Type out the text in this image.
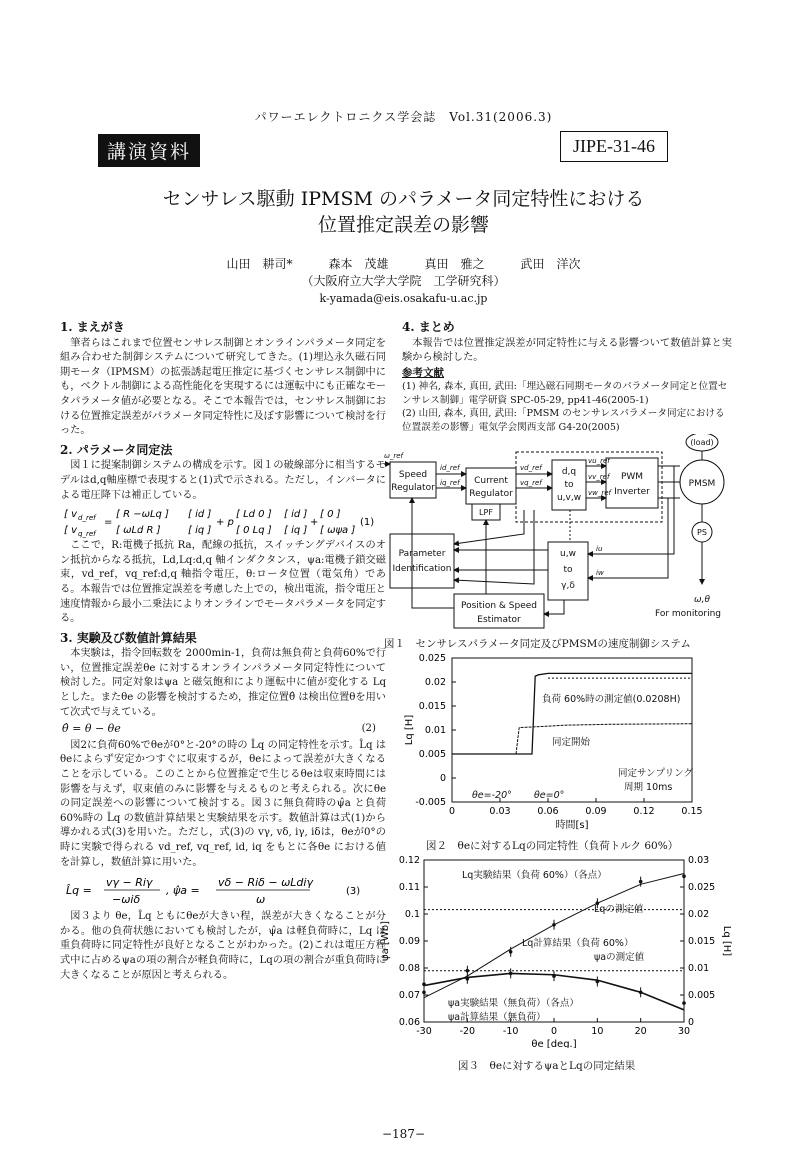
パワーエレクトロニクス学会誌　Vol.31(2006.3)
講演資料	JIPE-31-46
センサレス駆動 IPMSM のパラメータ同定特性における
位置推定誤差の影響
山田　耕司*　　　森本　茂雄　　　真田　雅之　　　武田　洋次
（大阪府立大学大学院　工学研究科）
k-yamada@eis.osakafu-u.ac.jp
1. まえがき

筆者らはこれまで位置センサレス制御とオンラインパラメータ同定を組み合わせた制御システムについて研究してきた。(1)埋込永久磁石同期モータ（IPMSM）の拡張誘起電圧推定に基づくセンサレス制御中にも，ベクトル制御による高性能化を実現するには運転中にも正確なモータパラメータ値が必要となる。そこで本報告では，センサレス制御における位置推定誤差がパラメータ同定特性に及ぼす影響について検討を行った。

2. パラメータ同定法

図１に提案制御システムの構成を示す。図１の破線部分に相当するモデルはd,q軸座標で表現すると(1)式で示される。ただし，インバータによる電圧降下は補正している。

[ v d_ref
[ v q_ref
=
[ R −ωLq ]
[ ωLd R ]
[ id ]
[ iq ]
+ p
[ Ld 0 ]
[ 0 Lq ]
[ id ]
[ iq ]
+
[ 0 ]
[ ωψa ]
(1)

ここで，R:電機子抵抗 Ra，配線の抵抗，スイッチングデバイスのオン抵抗からなる抵抗，Ld,Lq:d,q 軸インダクタンス，ψa:電機子鎖交磁束，vd_ref，vq_ref:d,q 軸指令電圧，θ:ロータ位置（電気角）である。本報告では位置推定誤差を考慮した上での，検出電流，指令電圧と速度情報から最小二乗法によりオンラインでモータパラメータを同定する。

3. 実験及び数値計算結果

本実験は，指令回転数を 2000min-1，負荷は無負荷と負荷60%で行い，位置推定誤差θe に対するオンラインパラメータ同定特性について検討した。同定対象はψa と磁気飽和により運転中に値が変化する Lq とした。またθe の影響を検討するため，推定位置θ̂ は検出位置θを用いて次式で与えている。

θ̂ = θ − θe	(2)

図2に負荷60%でθeが0°と-20°の時の L̂q の同定特性を示す。L̂q はθeによらず安定かつすぐに収束するが，θeによって誤差が大きくなることを示している。このことから位置推定で生じるθeは収束時間には影響を与えず，収束値のみに影響を与えるものと考えられる。次にθeの同定誤差への影響について検討する。図３に無負荷時のψ̂a と負荷60%時の L̂q の数値計算結果と実験結果を示す。数値計算は式(1)から導かれる式(3)を用いた。ただし，式(3)の vγ, vδ, iγ, iδは，θeが0°の時に実験で得られる vd_ref, vq_ref, id, iq をもとに各θe における値を計算し，数値計算に用いた。

L̂q =
vγ − Riγ
−ωiδ
, ψ̂a =
vδ − Riδ − ωLdiγ
ω
(3)

図３より θe，L̂q ともにθeが大きい程，誤差が大きくなることが分かる。他の負荷状態においても検討したが，ψ̂a は軽負荷時に，Lq は重負荷時に同定特性が良好となることがわかった。(2)これは電圧方程式中に占めるψaの項の割合が軽負荷時に，Lqの項の割合が重負荷時に大きくなることが原因と考えられる。

4. まとめ

本報告では位置推定誤差が同定特性に与える影響ついて数値計算と実験から検討した。

参考文献
(1) 神名, 森本, 真田, 武田:「埋込磁石同期モータのパラメータ同定と位置センサレス制御」電学研資 SPC-05-29, pp41-46(2005-1)
(2) 山田, 森本, 真田, 武田:「PMSM のセンサレスパラメータ同定における位置誤差の影響」電気学会関西支部 G4-20(2005)
Speed
Regulator
Current
Regulator
d,q
to
u,v,w
PWM
Inverter
PMSM
(load)
PS
LPF
Parameter
Identification
u,w
to
γ,δ
Position & Speed
Estimator
For monitoring
ω,θ
ω_ref
id_ref
iq_ref
vd_ref
vq_ref
vu_ref
vv_ref
vw_ref
iu
iw
図１　センサレスパラメータ同定及びPMSMの速度制御システム
-0.005
0
0.005
0.01
0.015
0.02
0.025
0	0.03	0.06	0.09	0.12	0.15
時間[s]
Lq [H]
負荷 60%時の測定値(0.0208H)
同定開始
同定サンプリング
周期 10ms
θe=-20° θe=0°
図２　θeに対するLqの同定特性（負荷トルク 60%）
0.06
0.07
0.08
0.09
0.1
0.11
0.12
0
0.005
0.01
0.015
0.02
0.025
0.03
-30	-20	-10	0	10	20	30
θe [deg.]
ψa [Wb]	Lq [H]
Lq実験結果（負荷 60%）（各点）
Lqの測定値
Lq計算結果（負荷 60%）
ψaの測定値
ψa実験結果（無負荷）（各点）
ψa計算結果（無負荷）
図３　θeに対するψaとLqの同定結果
−187−
